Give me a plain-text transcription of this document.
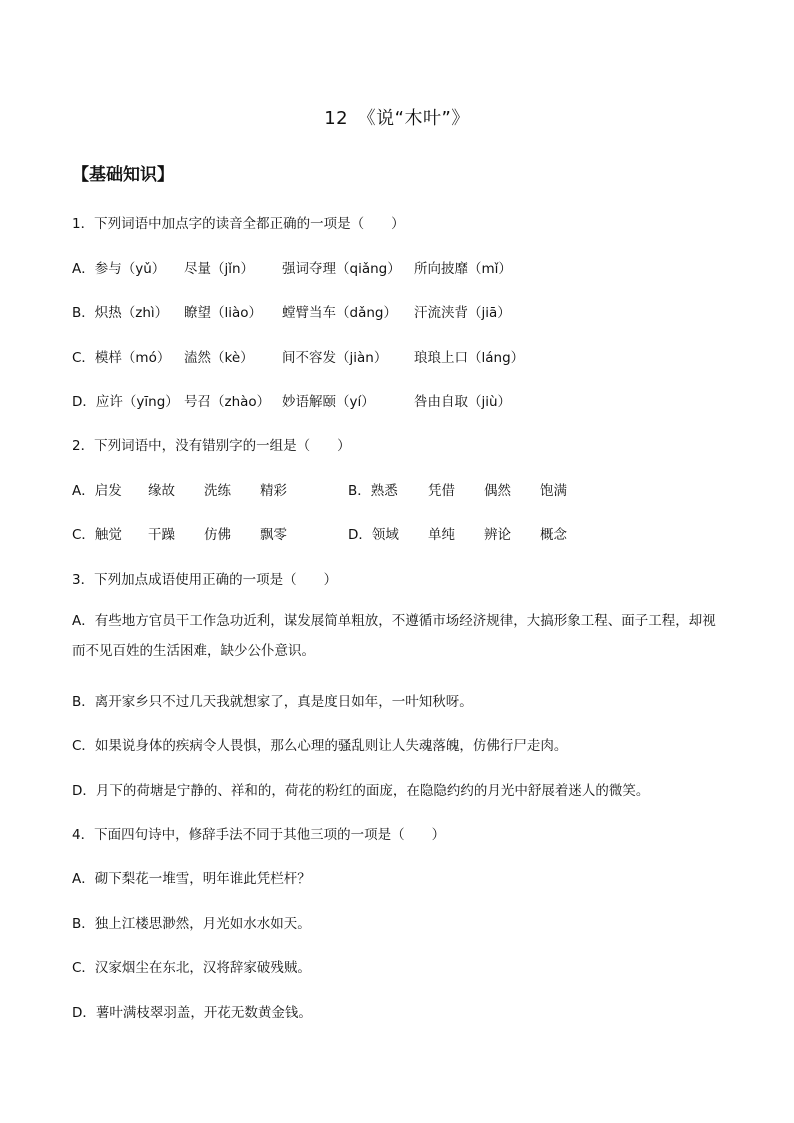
12　《说“木叶”》
【基础知识】
1．下列词语中加点字的读音全都正确的一项是（　　）
A．参与（yǔ） 尽量（jǐn） 强词夺理（qiǎng） 所向披靡（mǐ）
B．炽热（zhì） 瞭望（liào） 螳臂当车（dǎng） 汗流浃背（jiā）
C．模样（mó） 溘然（kè） 间不容发（jiàn） 琅琅上口（láng）
D．应许（yīng） 号召（zhào） 妙语解颐（yí）	咎由自取（jiù）
2．下列词语中，没有错别字的一组是（　　）
A．启发 缘故 洗练 精彩	B．熟悉 凭借 偶然 饱满
C．触觉 干躁 仿佛 飘零	D．领域 单纯 辨论 概念
3．下列加点成语使用正确的一项是（　　）
A．有些地方官员干工作急功近利，谋发展简单粗放，不遵循市场经济规律，大搞形象工程、面子工程，却视而不见百姓的生活困难，缺少公仆意识。
B．离开家乡只不过几天我就想家了，真是度日如年，一叶知秋呀。
C．如果说身体的疾病令人畏惧，那么心理的骚乱则让人失魂落魄，仿佛行尸走肉。
D．月下的荷塘是宁静的、祥和的，荷花的粉红的面庞，在隐隐约约的月光中舒展着迷人的微笑。
4．下面四句诗中，修辞手法不同于其他三项的一项是（　　）
A．砌下梨花一堆雪，明年谁此凭栏杆？
B．独上江楼思渺然，月光如水水如天。
C．汉家烟尘在东北，汉将辞家破残贼。
D．薯叶满枝翠羽盖，开花无数黄金钱。
